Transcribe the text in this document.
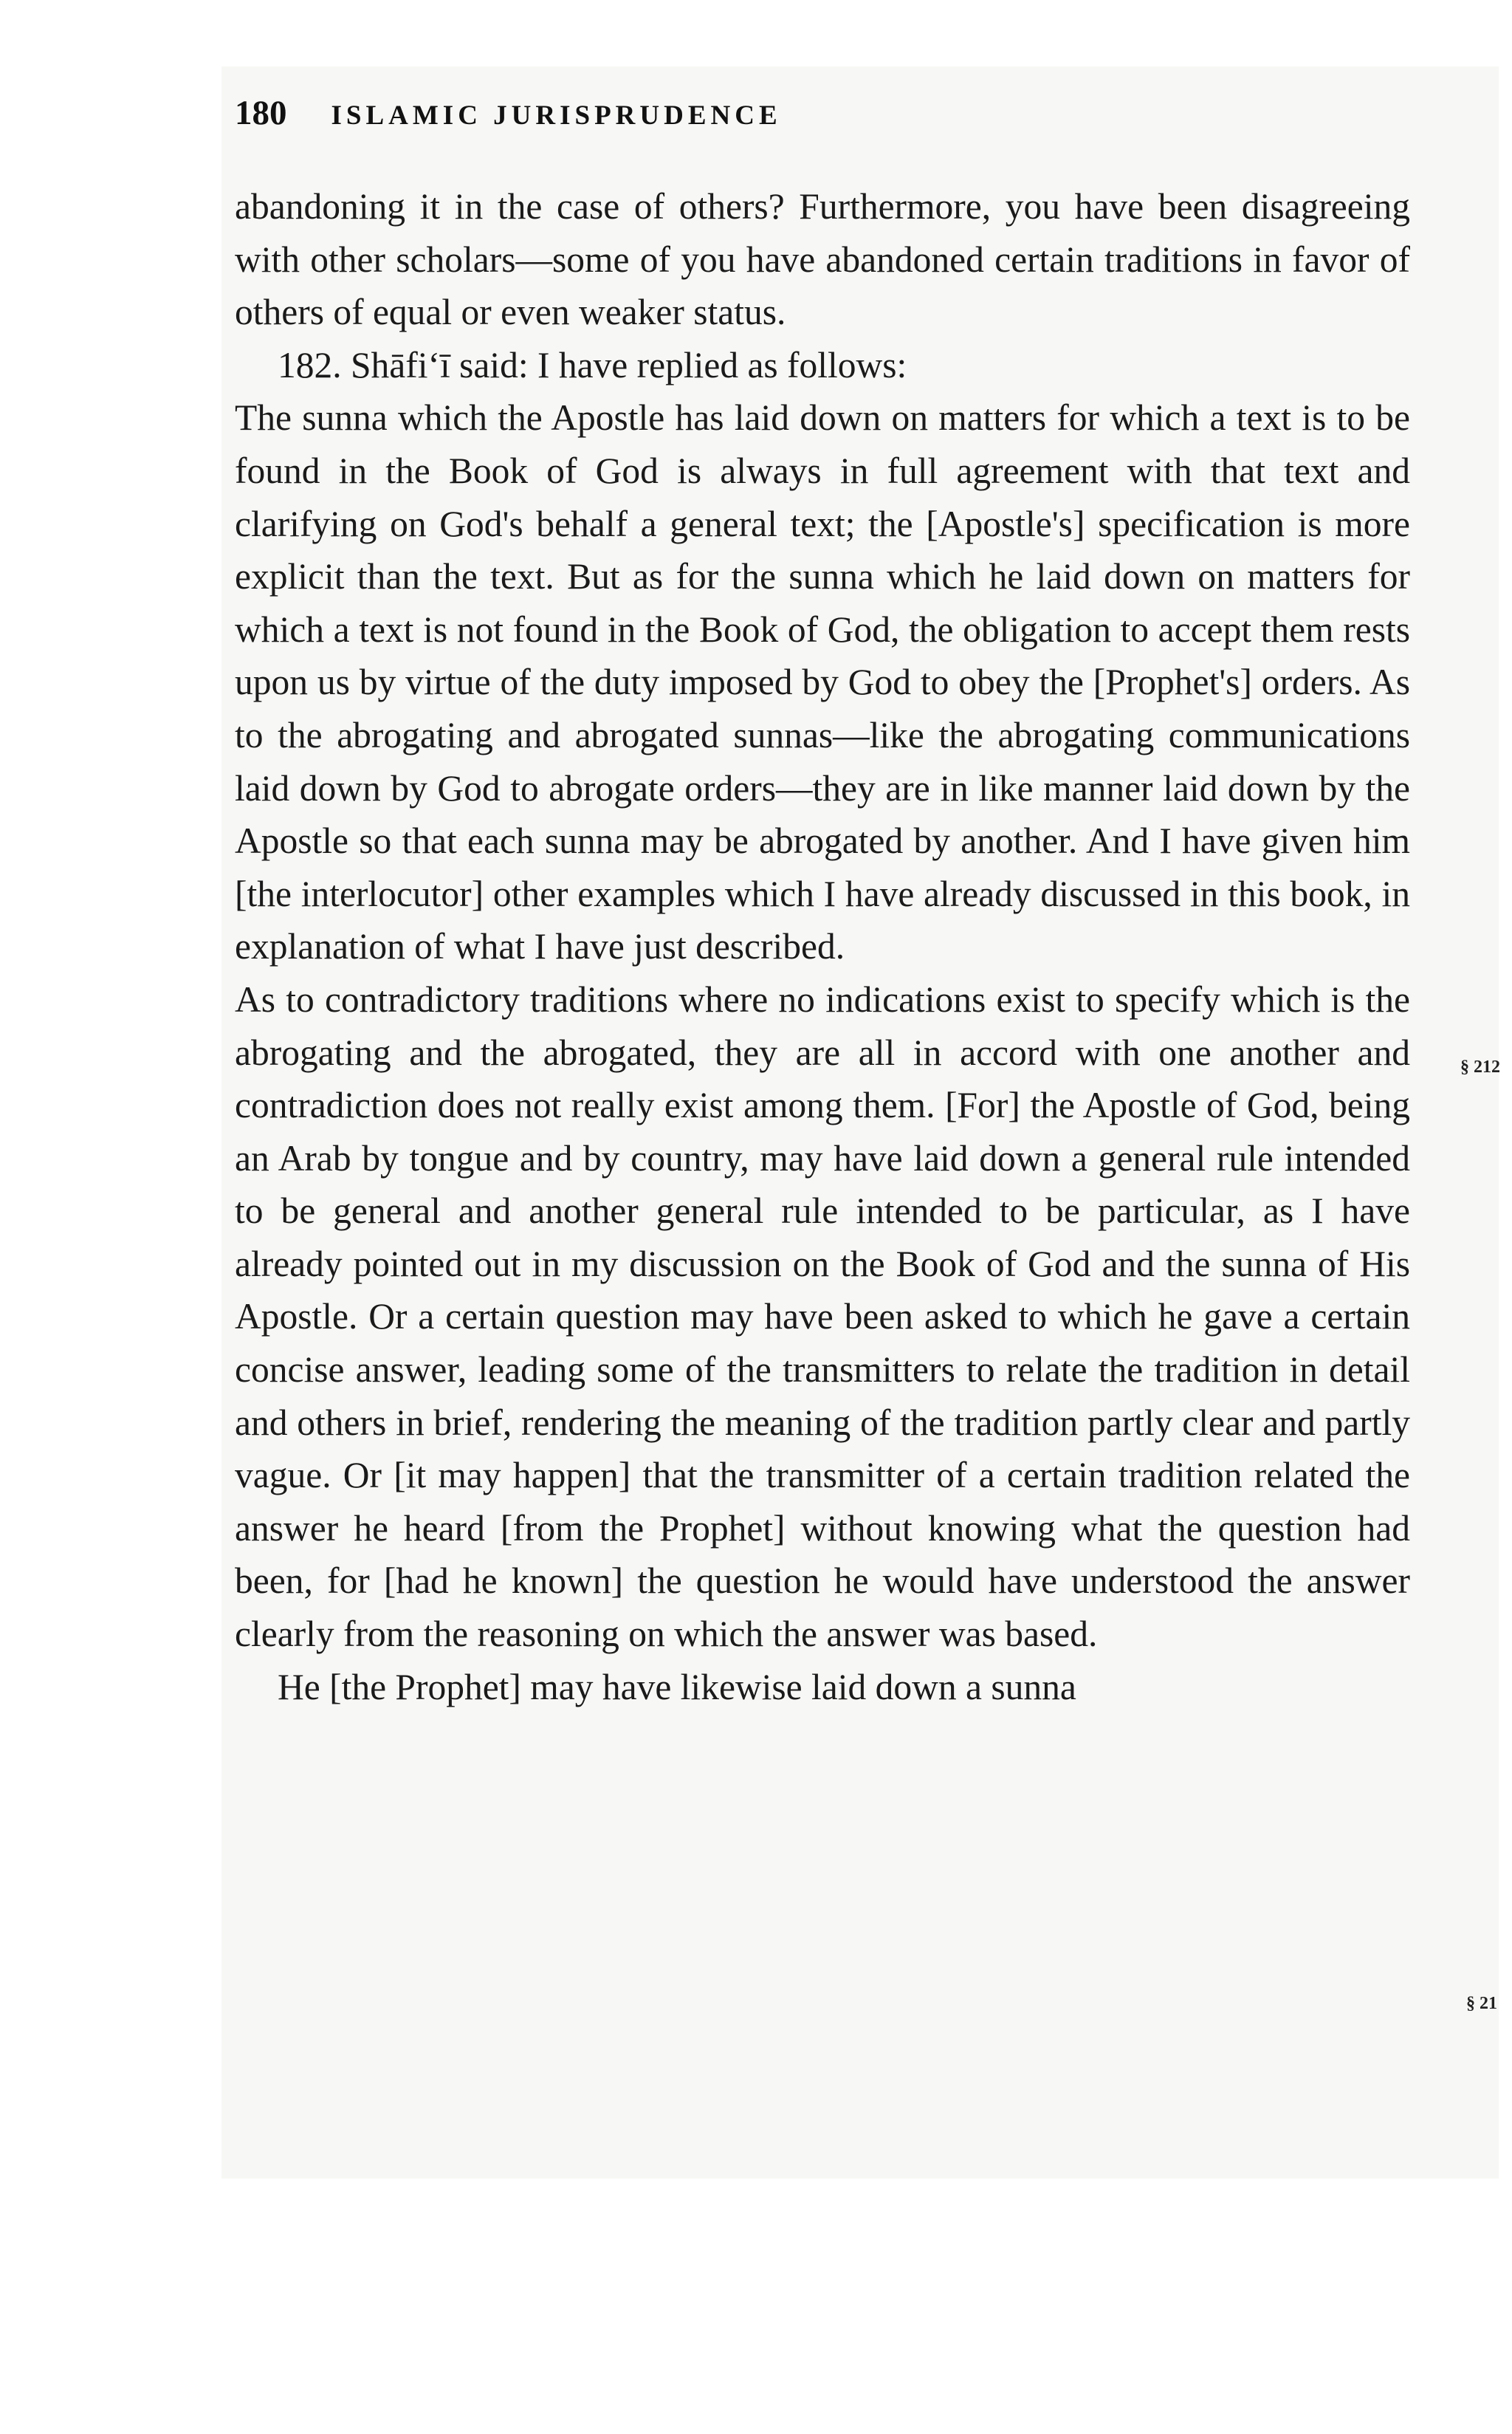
180 ISLAMIC JURISPRUDENCE

abandoning it in the case of others? Furthermore, you have been disagreeing with other scholars—some of you have abandoned certain traditions in favor of others of equal or even weaker status.

182. Shāfi‘ī said: I have replied as follows:

The sunna which the Apostle has laid down on matters for which a text is to be found in the Book of God is always in full agreement with that text and clarifying on God's behalf a general text; the [Apostle's] specification is more explicit than the text. But as for the sunna which he laid down on matters for which a text is not found in the Book of God, the obligation to accept them rests upon us by virtue of the duty imposed by God to obey the [Prophet's] orders. As to the abrogating and abrogated sunnas—like the abrogating communications laid down by God to abrogate orders—they are in like manner laid down by the Apostle so that each sunna may be abrogated by another. And I have given him [the interlocutor] other examples which I have already discussed in this book, in explanation of what I have just described.

As to contradictory traditions where no indications exist to specify which is the abrogating and the abrogated, they are all in accord with one another and contradiction does not really exist among them. [For] the Apostle of God, being an Arab by tongue and by country, may have laid down a general rule intended to be general and another general rule intended to be particular, as I have already pointed out in my discussion on the Book of God and the sunna of His Apostle. Or a certain question may have been asked to which he gave a certain concise answer, leading some of the transmitters to relate the tradition in detail and others in brief, rendering the meaning of the tradition partly clear and partly vague. Or [it may happen] that the transmitter of a certain tradition related the answer he heard [from the Prophet] without knowing what the question had been, for [had he known] the question he would have understood the answer clearly from the reasoning on which the answer was based.

He [the Prophet] may have likewise laid down a sunna

§ 212
§ 21
